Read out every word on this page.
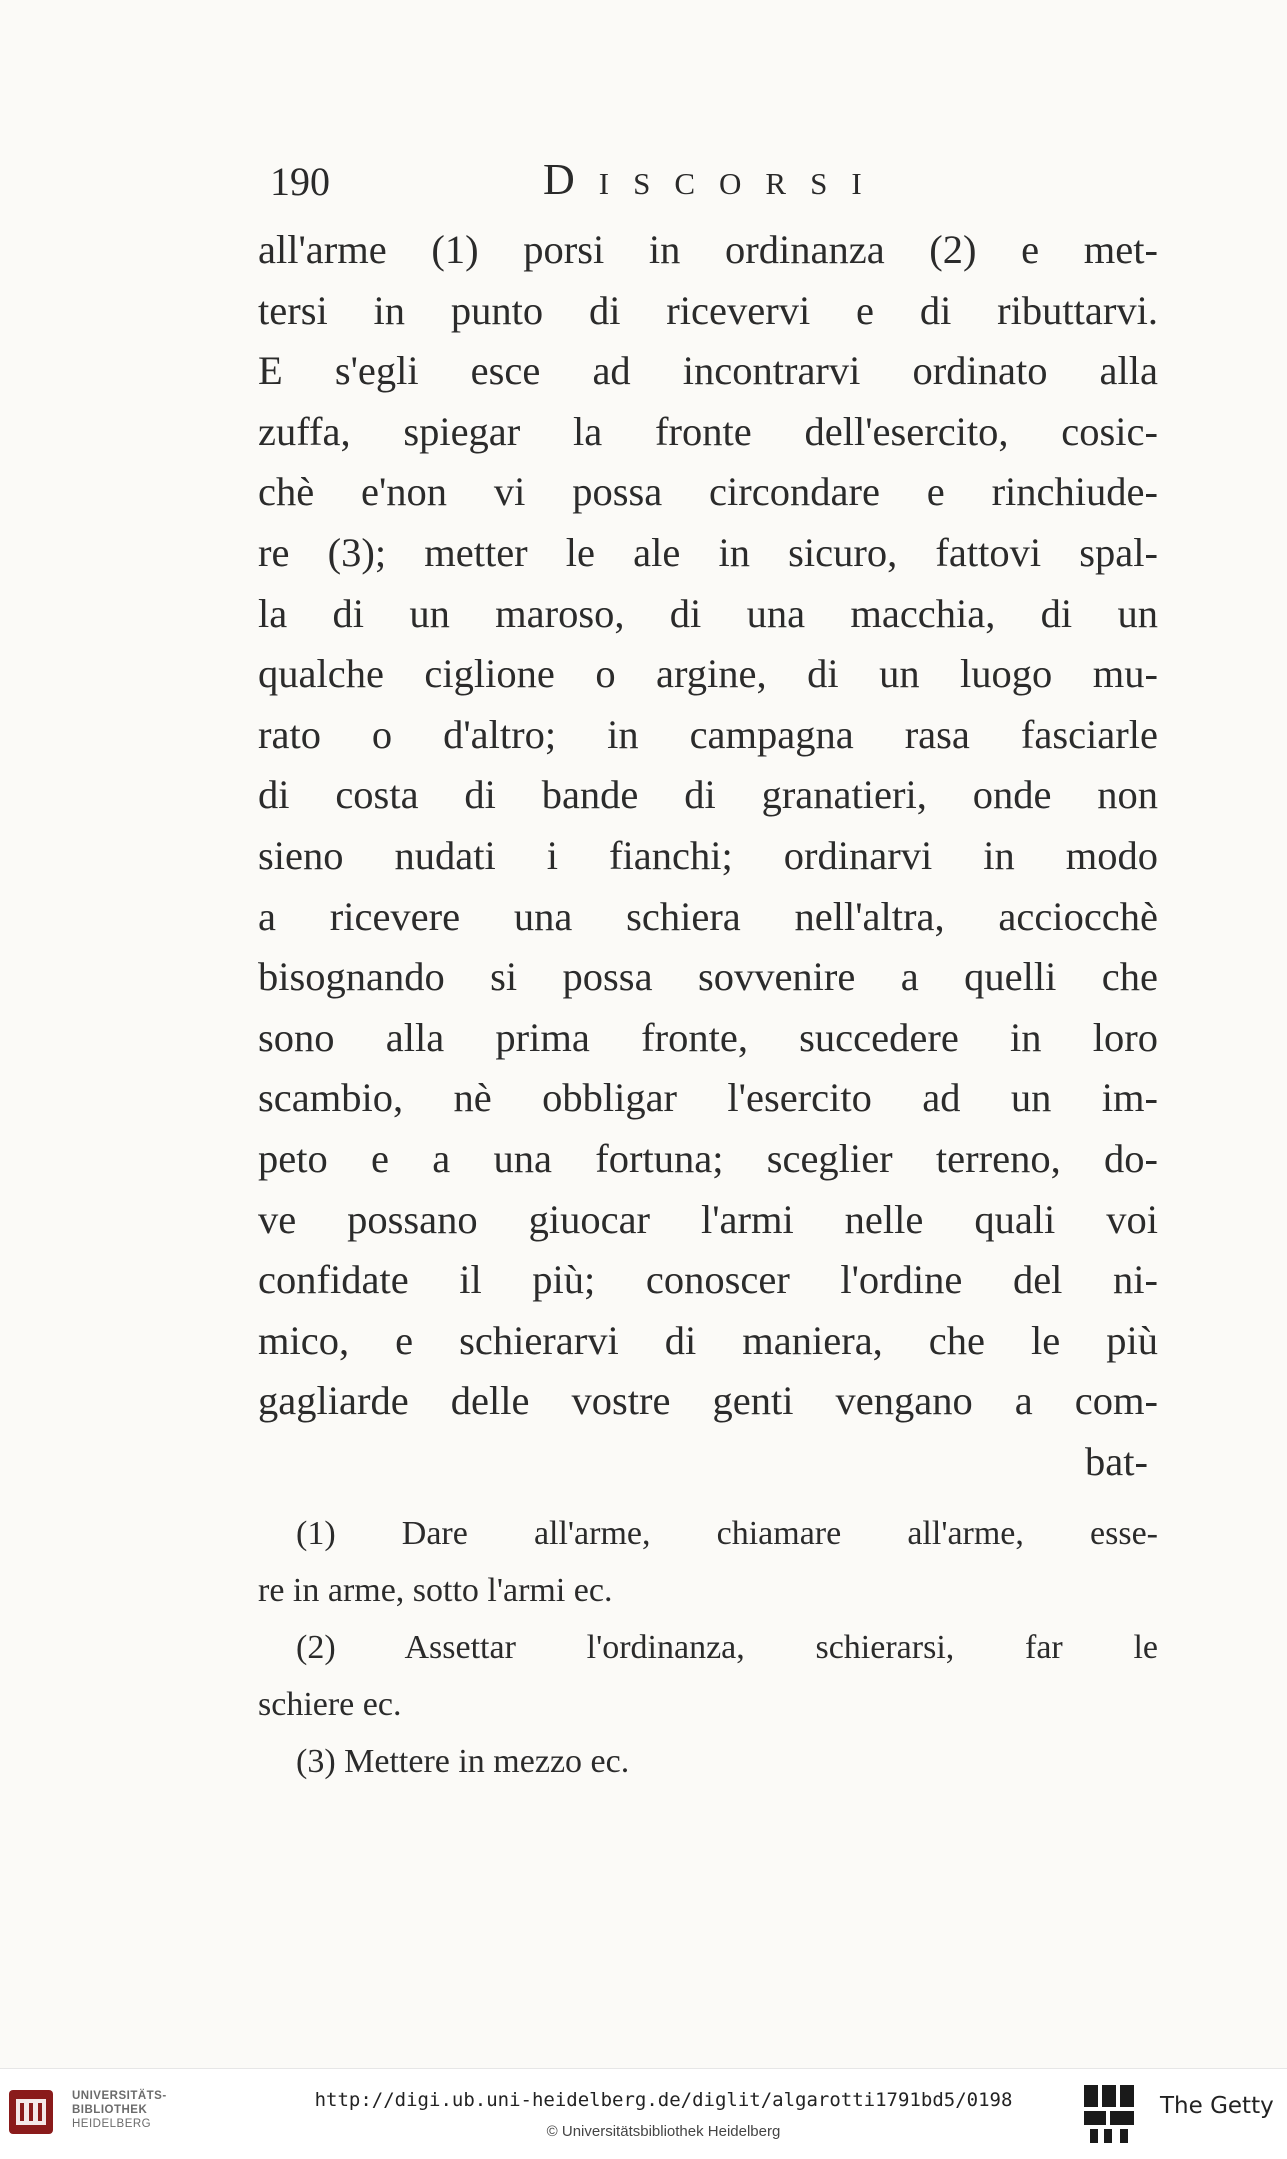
190	Discorsi
all'arme (1) porsi in ordinanza (2) e met-
tersi in punto di ricevervi e di ributtarvi.
E s'egli esce ad incontrarvi ordinato alla
zuffa, spiegar la fronte dell'esercito, cosic-
chè e'non vi possa circondare e rinchiude-
re (3); metter le ale in sicuro, fattovi spal-
la di un maroso, di una macchia, di un
qualche ciglione o argine, di un luogo mu-
rato o d'altro; in campagna rasa fasciarle
di costa di bande di granatieri, onde non
sieno nudati i fianchi; ordinarvi in modo
a ricevere una schiera nell'altra, acciocchè
bisognando si possa sovvenire a quelli che
sono alla prima fronte, succedere in loro
scambio, nè obbligar l'esercito ad un im-
peto e a una fortuna; sceglier terreno, do-
ve possano giuocar l'armi nelle quali voi
confidate il più; conoscer l'ordine del ni-
mico, e schierarvi di maniera, che le più
gagliarde delle vostre genti vengano a com-
bat-
(1) Dare all'arme, chiamare all'arme, esse-
re in arme, sotto l'armi ec.
(2) Assettar l'ordinanza, schierarsi, far le
schiere ec.
(3) Mettere in mezzo ec.
UNIVERSITÄTS-
BIBLIOTHEK
HEIDELBERG
http://digi.ub.uni-heidelberg.de/diglit/algarotti1791bd5/0198
© Universitätsbibliothek Heidelberg
The Getty
